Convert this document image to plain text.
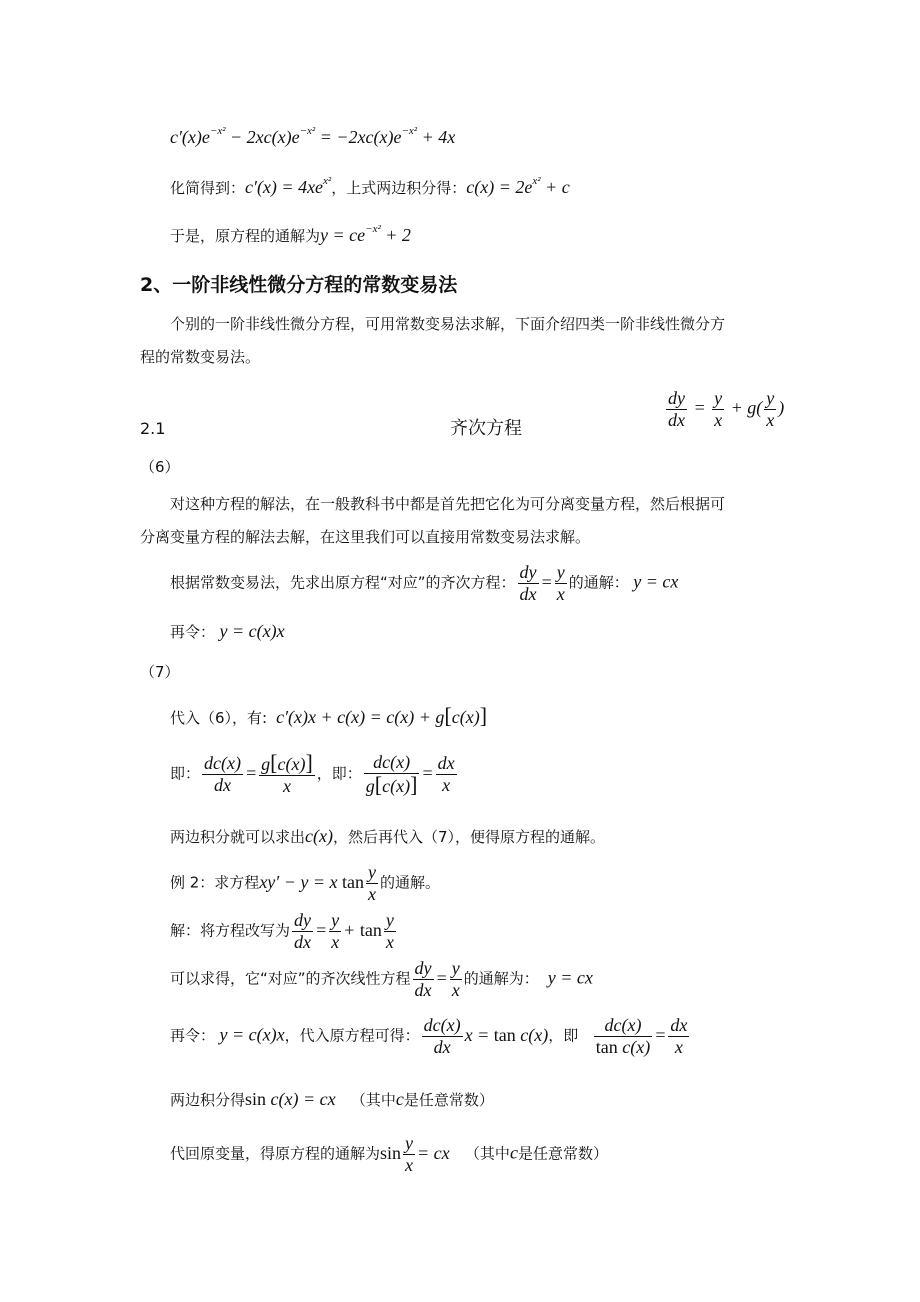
$c'(x)e^{-x^2} - 2xc(x)e^{-x^2} = -2xc(x)e^{-x^2} + 4x$
化简得到：$c'(x) = 4xe^{x^2}$，上式两边积分得：$c(x) = 2e^{x^2} + c$
于是，原方程的通解为$y = ce^{-x^2} + 2$
2、一阶非线性微分方程的常数变易法
个别的一阶非线性微分方程，可用常数变易法求解，下面介绍四类一阶非线性微分方
程的常数变易法。
2.1	齐次方程	$\frac{dy}{dx} = \frac{y}{x} + g( \frac{y}{x}$ )
（6）
对这种方程的解法，在一般教科书中都是首先把它化为可分离变量方程，然后根据可
分离变量方程的解法去解，在这里我们可以直接用常数变易法求解。
根据常数变易法，先求出原方程“对应”的齐次方程： $\frac{dy}{dx} = \frac{y}{x}$ 的通解： y = cx
再令： y = c(x)x
（7）
代入（6），有:  c′(x)x + c(x) = c(x) + g[c(x)]
即： $\frac{dc(x)}{dx} = \frac{g[c(x)]}{x}$ ，即： $\frac{dc(x)}{g[c(x)]} = \frac{dx}{x}$
两边积分就可以求出c(x)，然后再代入（7），便得原方程的通解。
例 2：求方程xy′ − y = x $\tan \frac{y}{x}$ 的通解。
解：将方程改写为 $\frac{dy}{dx} = \frac{y}{x} + \tan \frac{y}{x}$
可以求得，它“对应”的齐次线性方程 $\frac{dy}{dx} = \frac{y}{x}$ 的通解为：  y = cx
再令： y = c(x)x，代入原方程可得： $\frac{dc(x)}{dx}$ x = tan c(x)，即 $\frac{dc(x)}{\text{tan c(x)}} = \frac{dx}{x}$
两边积分得sin c(x) = cx （其中c是任意常数）
代回原变量，得原方程的通解为$\sin \frac{y}{x}$ = cx （其中c是任意常数）
